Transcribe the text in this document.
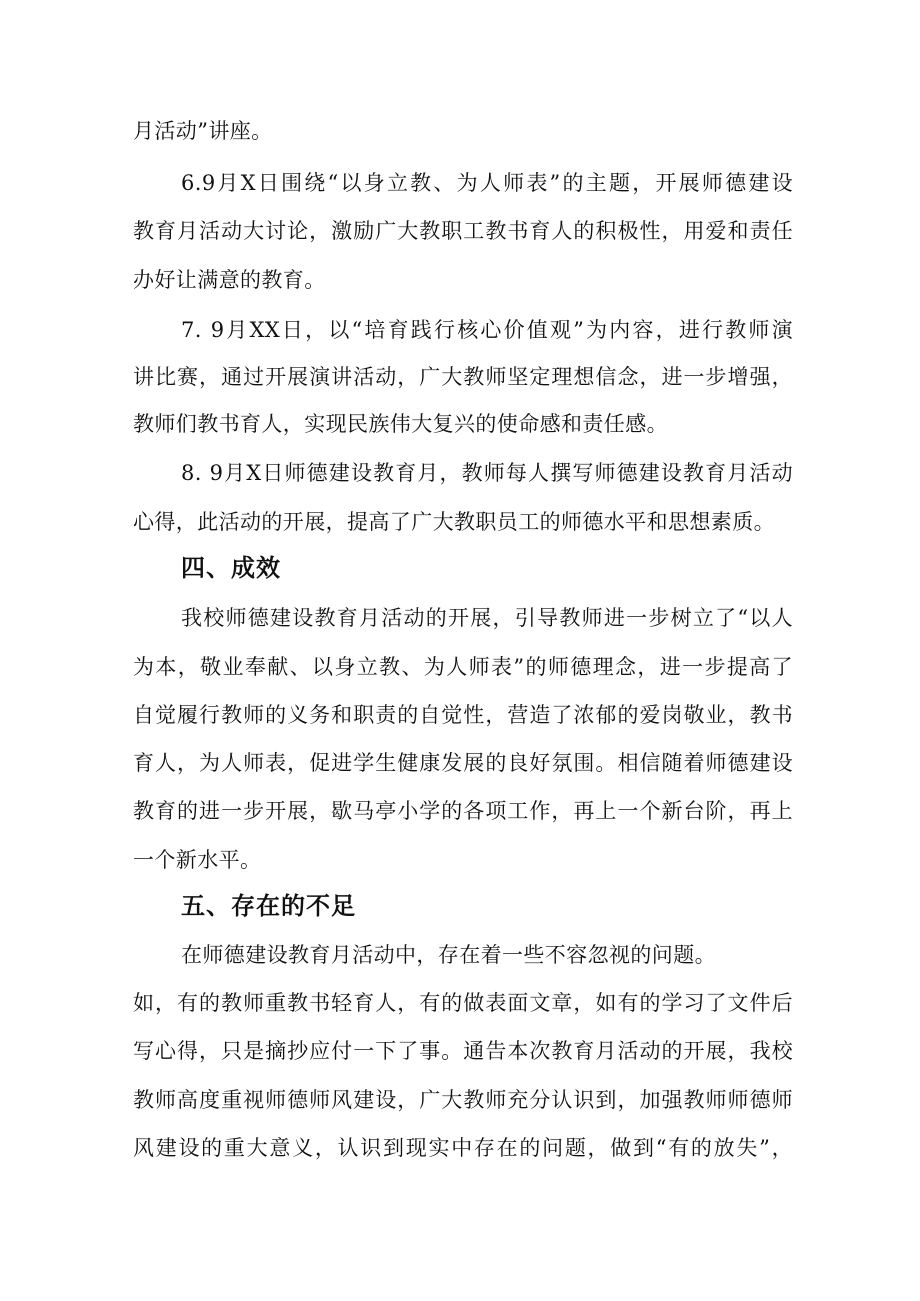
月活动”讲座。
6.9月X日围绕“以身立教、为人师表”的主题，开展师德建设
教育月活动大讨论，激励广大教职工教书育人的积极性，用爱和责任
办好让满意的教育。
7. 9月XX日，以“培育践行核心价值观”为内容，进行教师演
讲比赛，通过开展演讲活动，广大教师坚定理想信念，进一步增强，
教师们教书育人，实现民族伟大复兴的使命感和责任感。
8. 9月X日师德建设教育月，教师每人撰写师德建设教育月活动
心得，此活动的开展，提高了广大教职员工的师德水平和思想素质。
四、成效
我校师德建设教育月活动的开展，引导教师进一步树立了“以人
为本，敬业奉献、以身立教、为人师表”的师德理念，进一步提高了
自觉履行教师的义务和职责的自觉性，营造了浓郁的爱岗敬业，教书
育人，为人师表，促进学生健康发展的良好氛围。相信随着师德建设
教育的进一步开展，歇马亭小学的各项工作，再上一个新台阶，再上
一个新水平。
五、存在的不足
在师德建设教育月活动中，存在着一些不容忽视的问题。
如，有的教师重教书轻育人，有的做表面文章，如有的学习了文件后
写心得，只是摘抄应付一下了事。通告本次教育月活动的开展，我校
教师高度重视师德师风建设，广大教师充分认识到，加强教师师德师
风建设的重大意义，认识到现实中存在的问题，做到“有的放失”，
